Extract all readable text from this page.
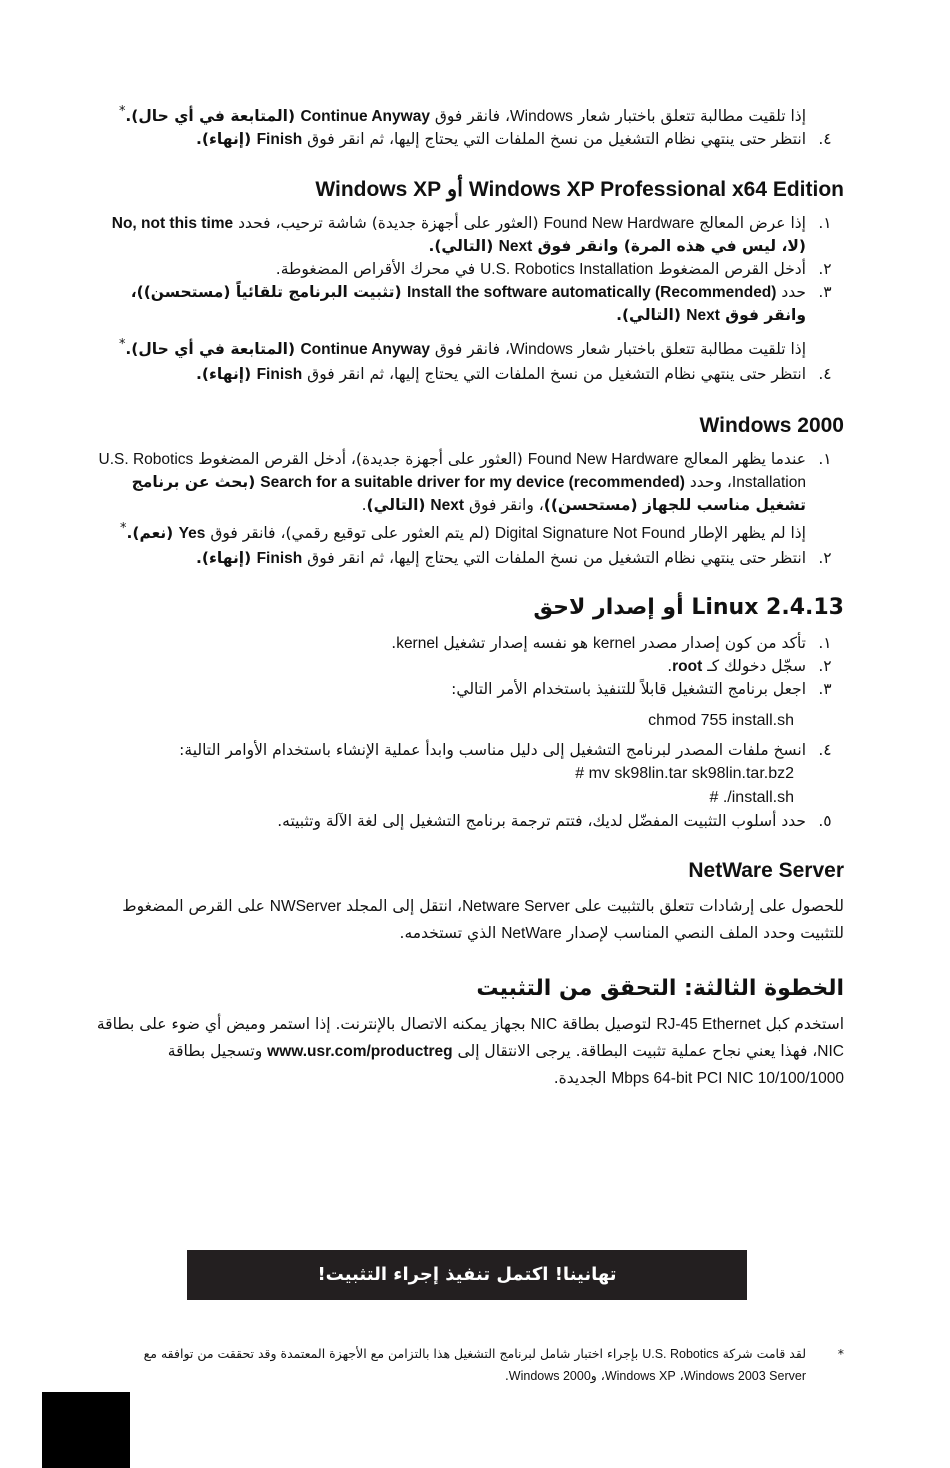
إذا تلقيت مطالبة تتعلق باختبار شعار Windows، فانقر فوق Continue Anyway (المتابعة في أي حال).*

٤.
انتظر حتى ينتهي نظام التشغيل من نسخ الملفات التي يحتاج إليها، ثم انقر فوق Finish (إنهاء).
Windows XP Professional x64 Edition أو Windows XP
١.
إذا عرض المعالج Found New Hardware (العثور على أجهزة جديدة) شاشة ترحيب، فحدد No, not this time (لا، ليس في هذه المرة) وانقر فوق Next (التالي).
٢.
أدخل القرص المضغوط U.S. Robotics Installation في محرك الأقراص المضغوطة.
٣.
حدد Install the software automatically (Recommended) (تثبيت البرنامج تلقائياً (مستحسن))، وانقر فوق Next (التالي).

إذا تلقيت مطالبة تتعلق باختبار شعار Windows، فانقر فوق Continue Anyway (المتابعة في أي حال).*

٤.
انتظر حتى ينتهي نظام التشغيل من نسخ الملفات التي يحتاج إليها، ثم انقر فوق Finish (إنهاء).
Windows 2000
١.
عندما يظهر المعالج Found New Hardware (العثور على أجهزة جديدة)، أدخل القرص المضغوط U.S. Robotics Installation، وحدد Search for a suitable driver for my device (recommended) (بحث عن برنامج تشغيل مناسب للجهاز (مستحسن))، وانقر فوق Next (التالي).
إذا لم يظهر الإطار Digital Signature Not Found (لم يتم العثور على توقيع رقمي)، فانقر فوق Yes (نعم).*
٢.
انتظر حتى ينتهي نظام التشغيل من نسخ الملفات التي يحتاج إليها، ثم انقر فوق Finish (إنهاء).
Linux 2.4.13 أو إصدار لاحق
١.
تأكد من كون إصدار مصدر kernel هو نفسه إصدار تشغيل kernel.
٢.
سجّل دخولك كـ root.
٣.
اجعل برنامج التشغيل قابلاً للتنفيذ باستخدام الأمر التالي:
chmod 755 install.sh
٤.
انسخ ملفات المصدر لبرنامج التشغيل إلى دليل مناسب وابدأ عملية الإنشاء باستخدام الأوامر التالية:
# mv sk98lin.tar sk98lin.tar.bz2
# ./install.sh
٥.
حدد أسلوب التثبيت المفضّل لديك، فتتم ترجمة برنامج التشغيل إلى لغة الآلة وتثبيته.
NetWare Server

للحصول على إرشادات تتعلق بالتثبيت على Netware Server، انتقل إلى المجلد NWServer على القرص المضغوط للتثبيت وحدد الملف النصي المناسب لإصدار NetWare الذي تستخدمه.

الخطوة الثالثة: التحقق من التثبيت

استخدم كبل RJ-45 Ethernet لتوصيل بطاقة NIC بجهاز يمكنه الاتصال بالإنترنت. إذا استمر وميض أي ضوء على بطاقة NIC، فهذا يعني نجاح عملية تثبيت البطاقة. يرجى الانتقال إلى www.usr.com/productreg وتسجيل بطاقة 10/100/1000 Mbps 64-bit PCI NIC الجديدة.

تهانينا! اكتمل تنفيذ إجراء التثبيت!
*
لقد قامت شركة U.S. Robotics بإجراء اختبار شامل لبرنامج التشغيل هذا بالتزامن مع الأجهزة المعتمدة وقد تحققت من توافقه مع Windows 2003 Server، Windows XP، وWindows 2000.
